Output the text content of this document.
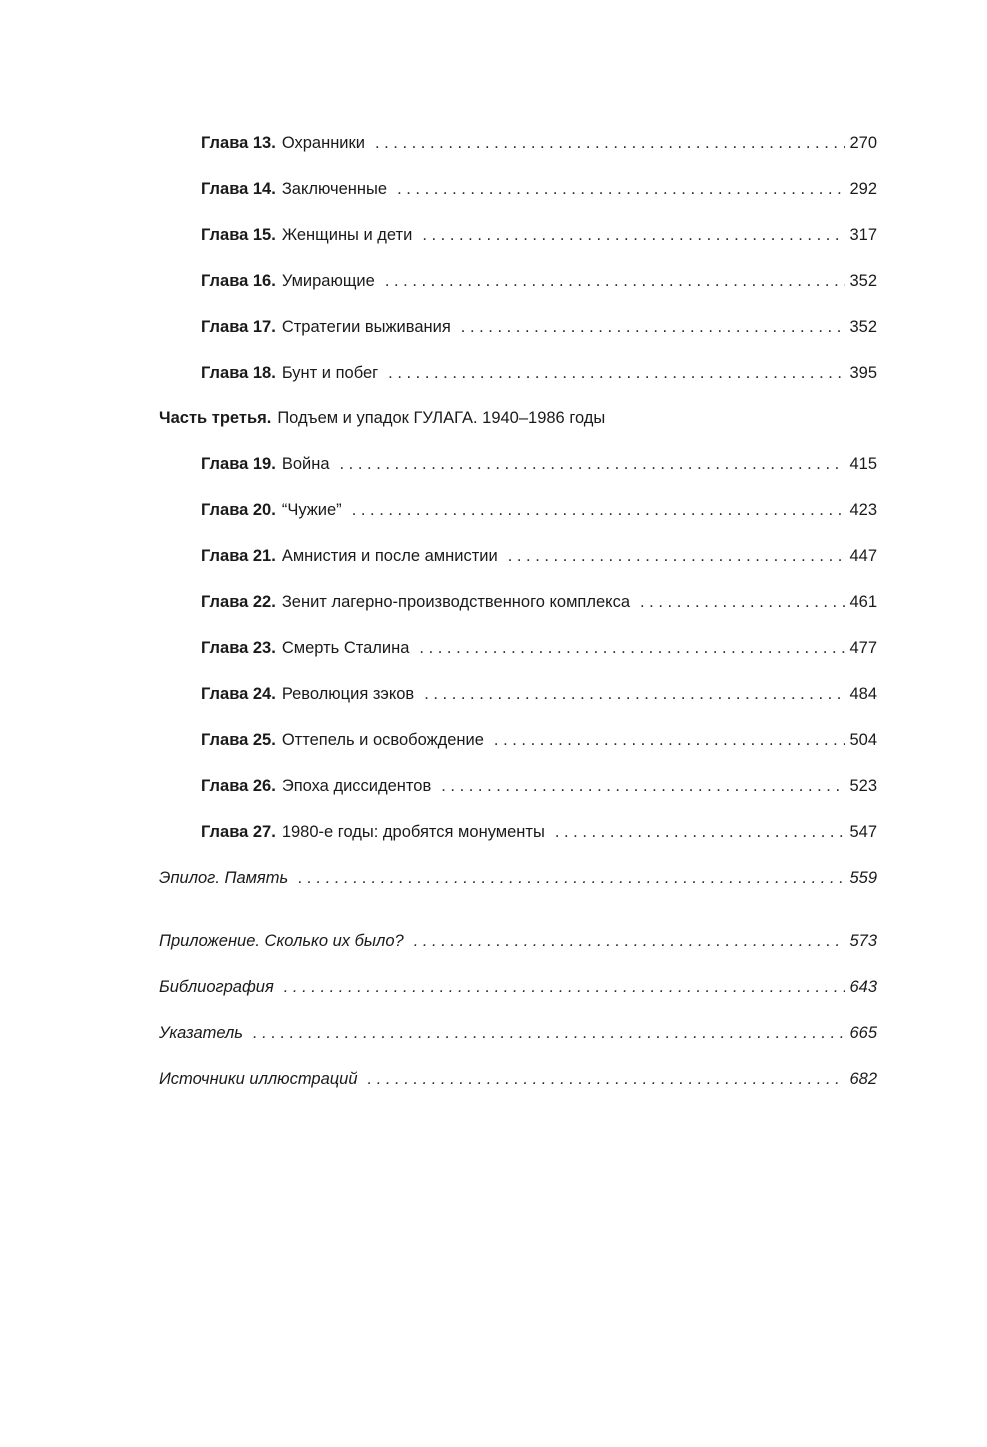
Глава 13. Охранники . . .	270
Глава 14. Заключенные . . .	292
Глава 15. Женщины и дети . . .	317
Глава 16. Умирающие . . .	352
Глава 17. Стратегии выживания . . .	352
Глава 18. Бунт и побег . . .	395
Часть третья. Подъем и упадок ГУЛАГА. 1940–1986 годы
Глава 19. Война . . .	415
Глава 20. “Чужие” . . .	423
Глава 21. Амнистия и после амнистии . . .	447
Глава 22. Зенит лагерно-производственного комплекса . . .	461
Глава 23. Смерть Сталина . . .	477
Глава 24. Революция зэков . . .	484
Глава 25. Оттепель и освобождение . . .	504
Глава 26. Эпоха диссидентов . . .	523
Глава 27. 1980-е годы: дробятся монументы . . .	547
Эпилог. Память . . .	559
Приложение. Сколько их было? . . .	573
Библиография . . .	643
Указатель . . .	665
Источники иллюстраций . . .	682
